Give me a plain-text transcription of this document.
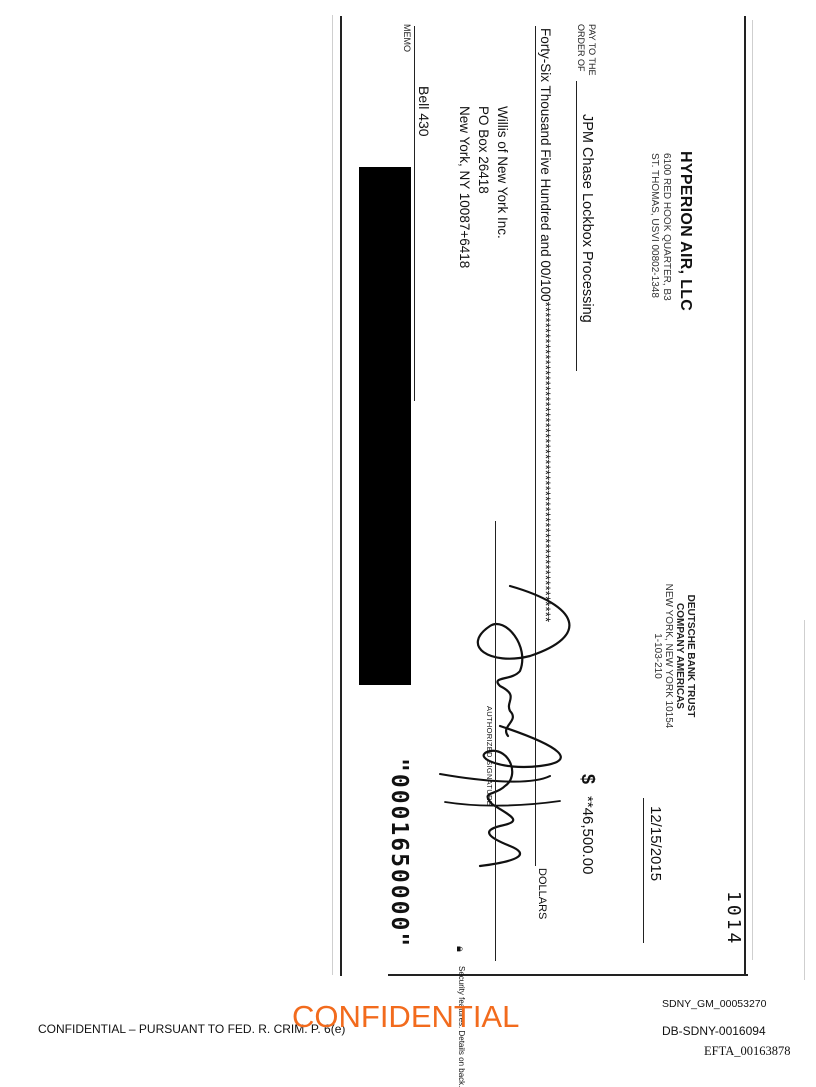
HYPERION AIR, LLC
6100 RED HOOK QUARTER, B3
ST. THOMAS, USVI 00802-1348
DEUTSCHE BANK TRUST
COMPANY AMERICAS
NEW YORK, NEW YORK 10154
1-103-210
1014
12/15/2015
PAY TO THE
ORDER OF
JPM Chase Lockbox Processing
$
**46,500.00
Forty-Six Thousand Five Hundred and 00/100*************************************************************
DOLLARS
Willis of New York Inc.
PO Box 26418
New York, NY 10087+6418
MEMO
Bell 430
AUTHORIZED SIGNATURE
"0001650000"
🔒︎
Security features. Details on back.
CONFIDENTIAL – PURSUANT TO FED. R. CRIM. P. 6(e)
CONFIDENTIAL	SDNY_GM_00053270
DB-SDNY-0016094
EFTA_00163878
